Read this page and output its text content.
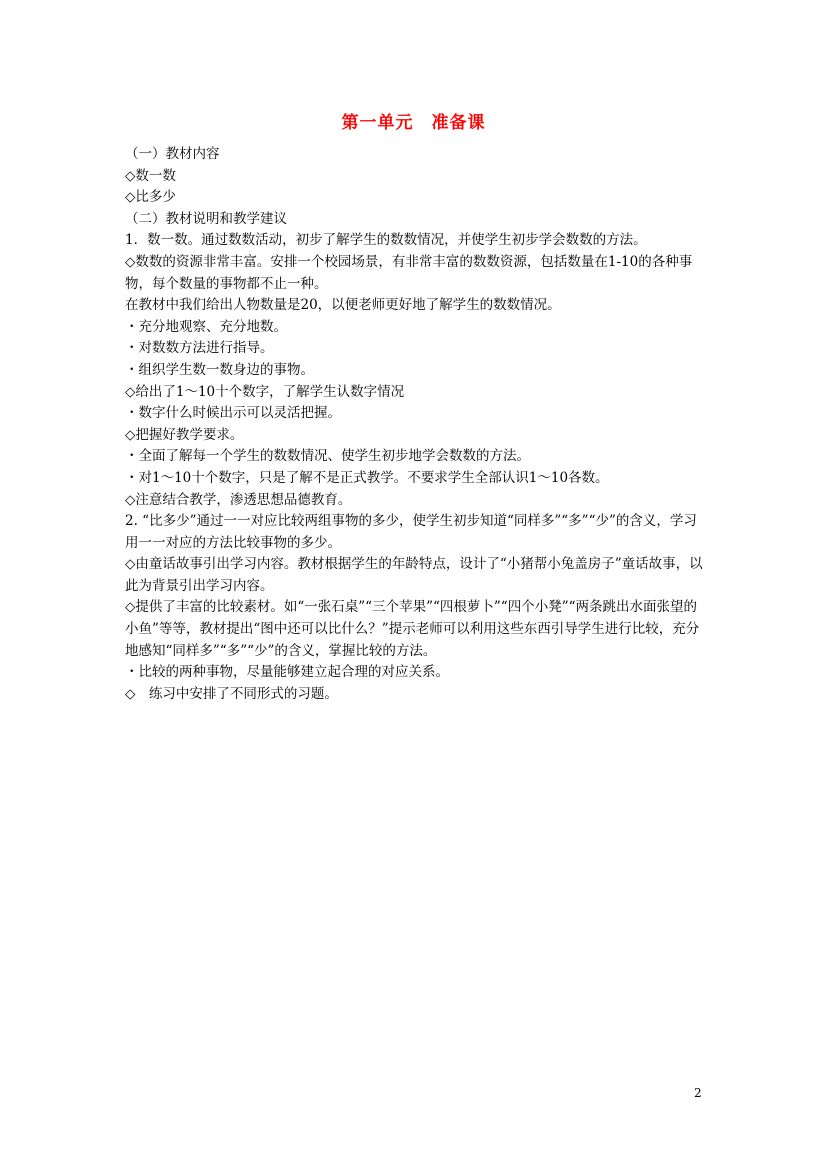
第一单元　准备课

（一）教材内容

◇数一数

◇比多少

（二）教材说明和教学建议

1．数一数。通过数数活动，初步了解学生的数数情况，并使学生初步学会数数的方法。

◇数数的资源非常丰富。安排一个校园场景，有非常丰富的数数资源，包括数量在1-10的各种事物，每个数量的事物都不止一种。

在教材中我们给出人物数量是20，以便老师更好地了解学生的数数情况。

・充分地观察、充分地数。

・对数数方法进行指导。

・组织学生数一数身边的事物。

◇给出了1～10十个数字，了解学生认数字情况

・数字什么时候出示可以灵活把握。

◇把握好教学要求。

・全面了解每一个学生的数数情况、使学生初步地学会数数的方法。

・对1～10十个数字，只是了解不是正式教学。不要求学生全部认识1～10各数。

◇注意结合教学，渗透思想品德教育。

2. “比多少”通过一一对应比较两组事物的多少，使学生初步知道“同样多”“多”“少”的含义，学习用一一对应的方法比较事物的多少。

◇由童话故事引出学习内容。教材根据学生的年龄特点，设计了“小猪帮小兔盖房子”童话故事，以此为背景引出学习内容。

◇提供了丰富的比较素材。如“一张石桌”“三个苹果”“四根萝卜”“四个小凳”“两条跳出水面张望的小鱼”等等，教材提出“图中还可以比什么？”提示老师可以利用这些东西引导学生进行比较，充分地感知“同样多”“多”“少”的含义，掌握比较的方法。

・比较的两种事物，尽量能够建立起合理的对应关系。

◇　练习中安排了不同形式的习题。

2
